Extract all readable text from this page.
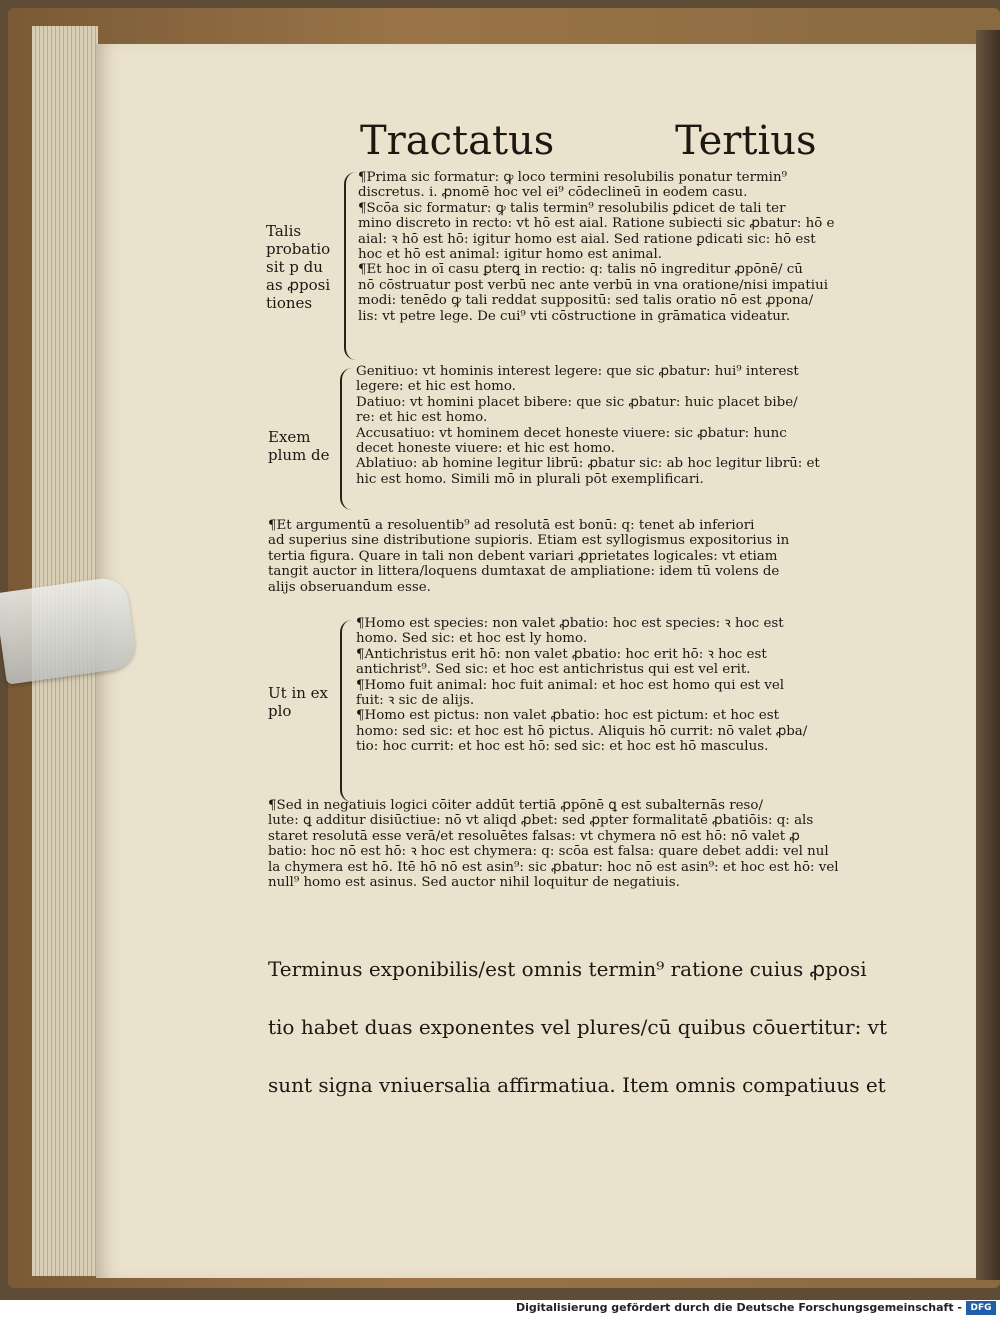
Tractatus	Tertius
Talis
probatio
sit p du
as ꝓposi
tiones
Exem
plum de
Ut in ex
plo

¶Prima sic formatur: ꝙ loco termini resolubilis ponatur termin⁹

discretus. i. ꝓnomē hoc vel ei⁹ cōdeclineū in eodem casu.

¶Scōa sic formatur: ꝙ talis termin⁹ resolubilis ꝑdicet de tali ter

mino discreto in recto: vt hō est aial. Ratione subiecti sic ꝓbatur: hō e

aial: ꝛ hō est hō: igitur homo est aial. Sed ratione ꝑdicati sic: hō est

hoc et hō est animal: igitur homo est animal.

¶Et hoc in oī casu ꝑterꝗ in rectio: q: talis nō ingreditur ꝓpōnē/ cū

nō cōstruatur post verbū nec ante verbū in vna oratione/nisi impatiui

modi: tenēdo ꝙ tali reddat suppositū: sed talis oratio nō est ꝓpona/

lis: vt petre lege. De cui⁹ vti cōstructione in grāmatica videatur.

Genitiuo: vt hominis interest legere: que sic ꝓbatur: hui⁹ interest

legere: et hic est homo.

Datiuo: vt homini placet bibere: que sic ꝓbatur: huic placet bibe/

re: et hic est homo.

Accusatiuo: vt hominem decet honeste viuere: sic ꝓbatur: hunc

decet honeste viuere: et hic est homo.

Ablatiuo: ab homine legitur librū: ꝓbatur sic: ab hoc legitur librū: et

hic est homo. Simili mō in plurali pōt exemplificari.

¶Et argumentū a resoluentib⁹ ad resolutā est bonū: q: tenet ab inferiori

ad superius sine distributione supioris. Etiam est syllogismus expositorius in

tertia figura. Quare in tali non debent variari ꝓprietates logicales: vt etiam

tangit auctor in littera/loquens dumtaxat de ampliatione: idem tū volens de

alijs obseruandum esse.

¶Homo est species: non valet ꝓbatio: hoc est species: ꝛ hoc est

homo. Sed sic: et hoc est ly homo.

¶Antichristus erit hō: non valet ꝓbatio: hoc erit hō: ꝛ hoc est

antichrist⁹. Sed sic: et hoc est antichristus qui est vel erit.

¶Homo fuit animal: hoc fuit animal: et hoc est homo qui est vel

fuit: ꝛ sic de alijs.

¶Homo est pictus: non valet ꝓbatio: hoc est pictum: et hoc est

homo: sed sic: et hoc est hō pictus. Aliquis hō currit: nō valet ꝓba/

tio: hoc currit: et hoc est hō: sed sic: et hoc est hō masculus.

¶Sed in negatiuis logici cōiter addūt tertiā ꝓpōnē ꝗ est subalternās reso/

lute: ꝗ additur disiūctiue: nō vt aliqd ꝓbet: sed ꝓpter formalitatē ꝓbatiōis: q: als

staret resolutā esse verā/et resoluētes falsas: vt chymera nō est hō: nō valet ꝓ

batio: hoc nō est hō: ꝛ hoc est chymera: q: scōa est falsa: quare debet addi: vel nul

la chymera est hō. Itē hō nō est asin⁹: sic ꝓbatur: hoc nō est asin⁹: et hoc est hō: vel

null⁹ homo est asinus. Sed auctor nihil loquitur de negatiuis.

Terminus exponibilis/est omnis termin⁹ ratione cuius ꝓposi

tio habet duas exponentes vel plures/cū quibus cōuertitur: vt

sunt signa vniuersalia affirmatiua. Item omnis compatiuus et

Digitalisierung gefördert durch die Deutsche Forschungsgemeinschaft - DFG
